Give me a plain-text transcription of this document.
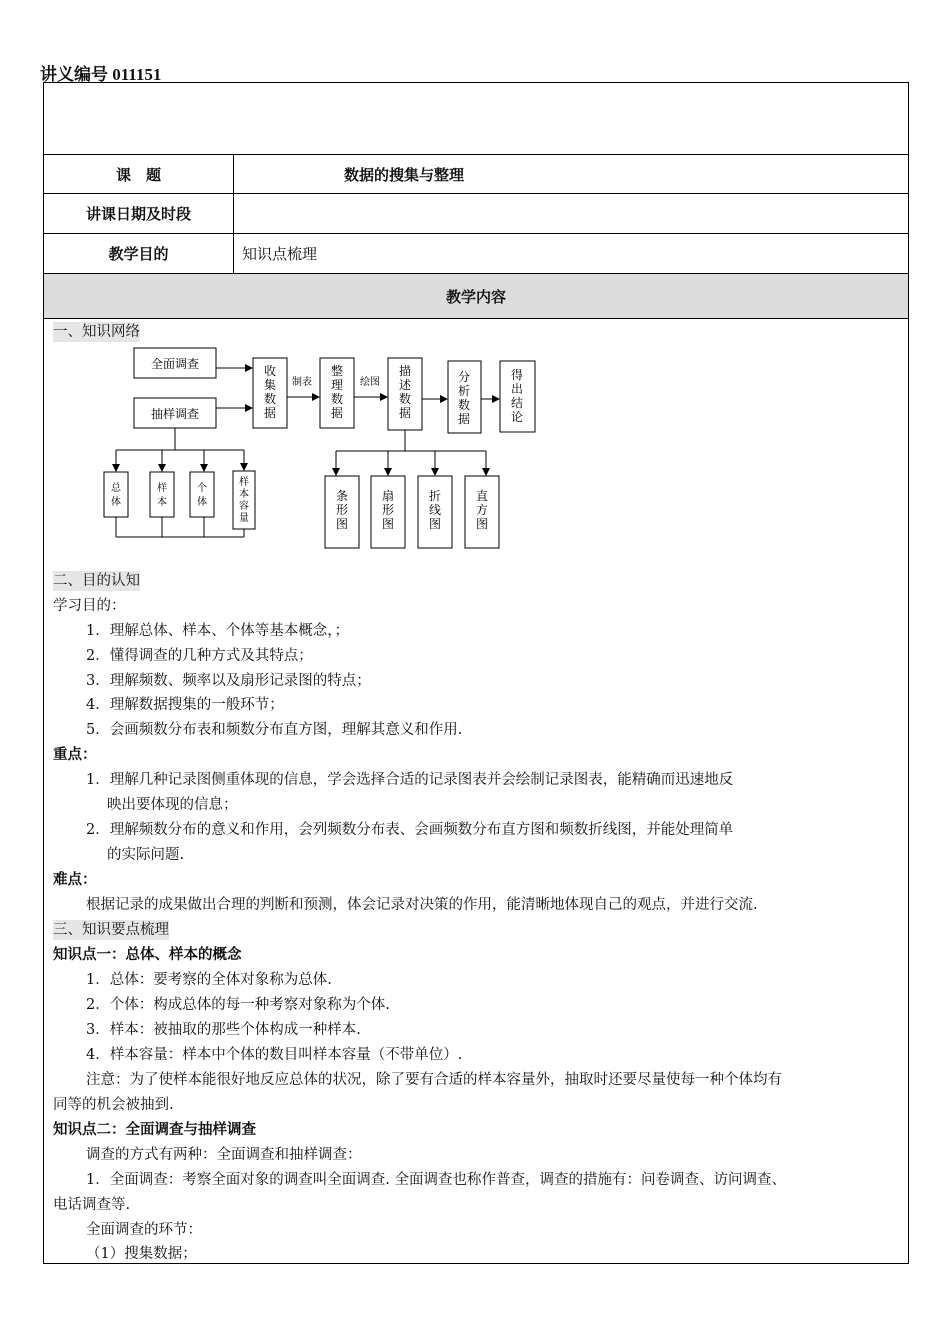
讲义编号 011151
课　题	数据的搜集与整理
讲课日期及时段
教学目的	知识点梳理
教学内容
一、知识网络
全面调查
抽样调查
制表	绘图
收
集
数
据
整
理
数
据
描
述
数
据
分
析
数
据
得
出
结
论
总
体
样
本
个
体
样
本
容
量
条
形
图
扇
形
图
折
线
图
直
方
图
二、目的认知
学习目的：
1．理解总体、样本、个体等基本概念，；
2．懂得调查的几种方式及其特点；
3．理解频数、频率以及扇形记录图的特点；
4．理解数据搜集的一般环节；
5．会画频数分布表和频数分布直方图，理解其意义和作用.
重点：
1．理解几种记录图侧重体现的信息，学会选择合适的记录图表并会绘制记录图表，能精确而迅速地反
映出要体现的信息；
2．理解频数分布的意义和作用，会列频数分布表、会画频数分布直方图和频数折线图，并能处理简单
的实际问题.
难点：
根据记录的成果做出合理的判断和预测，体会记录对决策的作用，能清晰地体现自己的观点，并进行交流.
三、知识要点梳理
知识点一：总体、样本的概念
1．总体：要考察的全体对象称为总体.
2．个体：构成总体的每一种考察对象称为个体.
3．样本：被抽取的那些个体构成一种样本.
4．样本容量：样本中个体的数目叫样本容量（不带单位）.
注意：为了使样本能很好地反应总体的状况，除了要有合适的样本容量外，抽取时还要尽量使每一种个体均有
同等的机会被抽到.
知识点二：全面调查与抽样调查
调查的方式有两种：全面调查和抽样调查：
1．全面调查：考察全面对象的调查叫全面调查. 全面调查也称作普查，调查的措施有：问卷调查、访问调查、
电话调查等.
全面调查的环节：
（1）搜集数据；
